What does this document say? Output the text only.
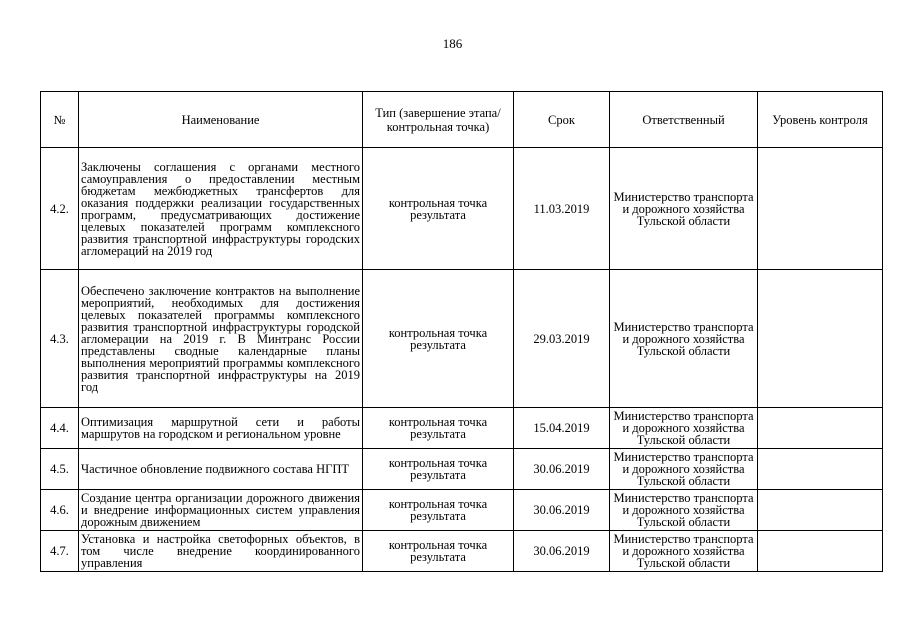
186
№	Наименование	Тип (завершение этапа/контрольная точка)	Срок	Ответственный	Уровень контроля
4.2.	Заключены соглашения с органами местного самоуправления о предоставлении местным бюджетам межбюджетных трансфертов для оказания поддержки реализации государственных программ, предусматривающих достижение целевых показателей программ комплексного развития транспортной инфраструктуры городских агломераций на 2019 год	контрольная точка результата	11.03.2019	Министерство транспорта и дорожного хозяйства Тульской области	
4.3.	Обеспечено заключение контрактов на выполнение мероприятий, необходимых для достижения целевых показателей программы комплексного развития транспортной инфраструктуры городской агломерации на 2019 г. В Минтранс России представлены сводные календарные планы выполнения мероприятий программы комплексного развития транспортной инфраструктуры на 2019 год	контрольная точка результата	29.03.2019	Министерство транспорта и дорожного хозяйства Тульской области	
4.4.	Оптимизация маршрутной сети и работы маршрутов на городском и региональном уровне	контрольная точка результата	15.04.2019	Министерство транспорта и дорожного хозяйства Тульской области	
4.5.	Частичное обновление подвижного состава НГПТ	контрольная точка результата	30.06.2019	Министерство транспорта и дорожного хозяйства Тульской области	
4.6.	Создание центра организации дорожного движения и внедрение информационных систем управления дорожным движением	контрольная точка результата	30.06.2019	Министерство транспорта и дорожного хозяйства Тульской области	
4.7.	Установка и настройка светофорных объектов, в том числе внедрение координированного управления	контрольная точка результата	30.06.2019	Министерство транспорта и дорожного хозяйства Тульской области	
